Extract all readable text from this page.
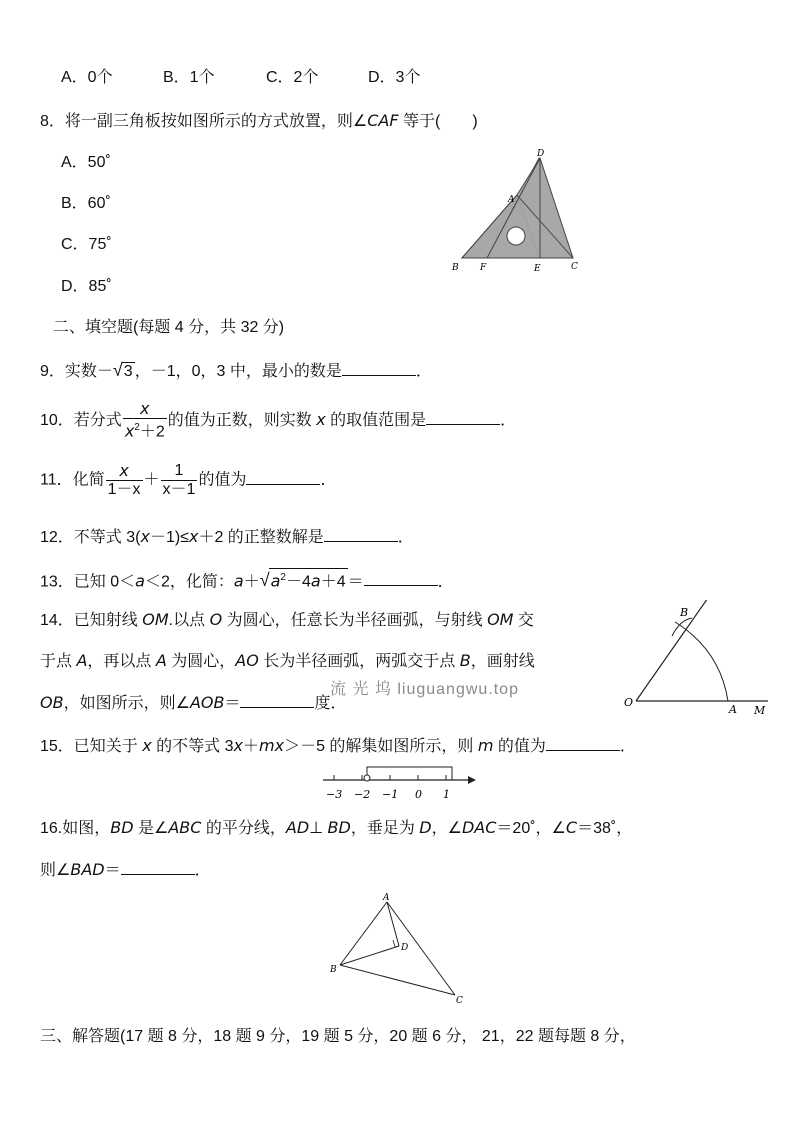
A．0个	B．1个	C．2个	D．3个
8．将一副三角板按如图所示的方式放置，则∠CAF 等于(　　)
A．50˚
B．60˚
C．75˚
D．85˚
D
A
B F	E	C
二、填空题(每题 4 分，共 32 分)
9．实数－√3 ，－1，0，3 中，最小的数是	．
10．若分式 $\frac{x}{x^2+2}$ 的值为正数，则实数 x 的取值范围是	．
11．化简 $\frac{x}{1-x} + \frac{1}{x-1}$ 的值为	．
12．不等式 3(x－1)≤x＋2 的正整数解是	．
13．已知 0＜a＜2，化简：$a+√a^2-4a+4$ ＝	．
14．已知射线 OM.以点 O 为圆心，任意长为半径画弧，与射线 OM 交
于点 A，再以点 A 为圆心，AO 长为半径画弧，两弧交于点 B，画射线
OB，如图所示，则∠AOB＝	度．
流 光 坞 liuguangwu.top
B
O
A M
15．已知关于 x 的不等式 3x＋mx＞－5 的解集如图所示，则 m 的值为	．
−3 −2 −1 0 1
16.如图，BD 是∠ABC 的平分线，AD⊥ BD，垂足为 D，∠DAC＝20˚，∠C＝38˚，
则∠BAD＝	．
A
D
B
C
三、解答题(17 题 8 分，18 题 9 分，19 题 5 分，20 题 6 分， 21，22 题每题 8 分，
